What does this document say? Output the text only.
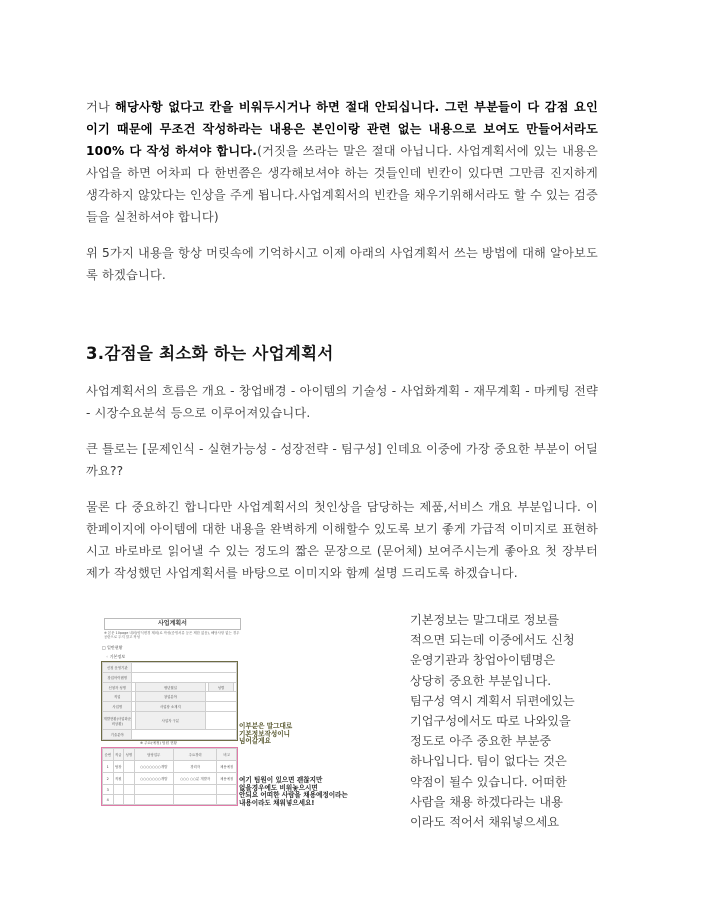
거나 해당사항 없다고 칸을 비워두시거나 하면 절대 안되십니다. 그런 부분들이 다 감점 요인이기 때문에 무조건 작성하라는 내용은 본인이랑 관련 없는 내용으로 보여도 만들어서라도 100% 다 작성 하셔야 합니다.(거짓을 쓰라는 말은 절대 아닙니다. 사업계획서에 있는 내용은 사업을 하면 어차피 다 한번쯤은 생각해보셔야 하는 것들인데 빈칸이 있다면 그만큼 진지하게 생각하지 않았다는 인상을 주게 됩니다.사업계획서의 빈칸을 채우기위해서라도 할 수 있는 검증들을 실천하셔야 합니다)

위 5가지 내용을 항상 머릿속에 기억하시고 이제 아래의 사업계획서 쓰는 방법에 대해 알아보도록 하겠습니다.

3.감점을 최소화 하는 사업계획서

사업계획서의 흐름은 개요 - 창업배경 - 아이템의 기술성 - 사업화계획 - 재무계획 - 마케팅 전략 - 시장수요분석 등으로 이루어져있습니다.

큰 틀로는 [문제인식 - 실현가능성 - 성장전략 - 팀구성] 인데요 이중에 가장 중요한 부분이 어딜까요??

물론 다 중요하긴 합니다만 사업계획서의 첫인상을 담당하는 제품,서비스 개요 부분입니다. 이 한페이지에 아이템에 대한 내용을 완벽하게 이해할수 있도록 보기 좋게 가급적 이미지로 표현하시고 바로바로 읽어낼 수 있는 정도의 짧은 문장으로 (문어체) 보여주시는게 좋아요 첫 장부터 제가 작성했던 사업계획서를 바탕으로 이미지와 함께 설명 드리도록 하겠습니다.

사업계획서
※ 본문 10page 내외(양식변경 제외)로 작성(증빙서류 등은 제한 없음), 해당사항 없는 경우 공란으로 두지 말고 작성
□ 일반현황
◦ 기본정보
신청 운영기관					
창업아이템명					
신청자 성명		생년월일		성별	
직업		창업분야			
사업명		사업장 소재지			
개발현황(사업화준비상황)		사업자 구분			
기술분야					
※ 주요(예정) 팀원 현황
순번	직급	성명	담당업무	주요경력	비고
1	팀장		○○○○○○○개발	경력자	채용예정
2	직원		○○○○○○○개발	○○○ ○○분 개발자	채용예정
3					
4					
이부분은 말그대로
기본정보작성이니
넘어갈게요
여기 팀원이 있으면 괜찮지만
없을경우에도 비워놓으시면
안되요 어떠한 사람을 채용예정이라는
내용이라도 채워넣으세요!
기본정보는 말그대로 정보를
적으면 되는데 이중에서도 신청
운영기관과 창업아이템명은
상당히 중요한 부분입니다.
팀구성 역시 계획서 뒤편에있는
기업구성에서도 따로 나와있을
정도로 아주 중요한 부분중
하나입니다. 팀이 없다는 것은
약점이 될수 있습니다. 어떠한
사람을 채용 하겠다라는 내용
이라도 적어서 채워넣으세요
